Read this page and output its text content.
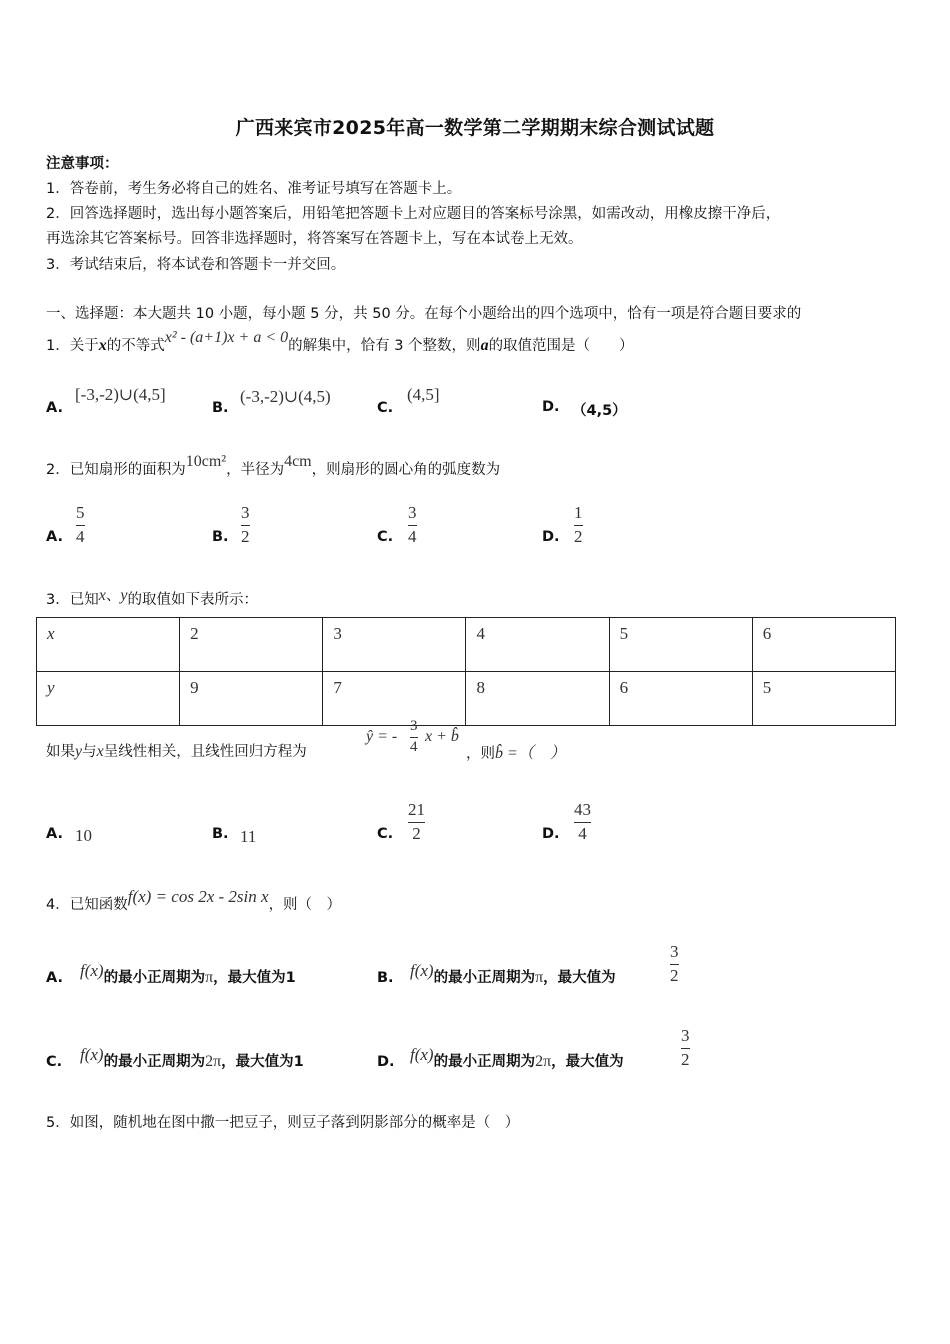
广西来宾市2025年高一数学第二学期期末综合测试试题
注意事项：
1．答卷前，考生务必将自己的姓名、准考证号填写在答题卡上。
2．回答选择题时，选出每小题答案后，用铅笔把答题卡上对应题目的答案标号涂黑，如需改动，用橡皮擦干净后，
再选涂其它答案标号。回答非选择题时，将答案写在答题卡上，写在本试卷上无效。
3．考试结束后，将本试卷和答题卡一并交回。
一、选择题：本大题共 10 小题，每小题 5 分，共 50 分。在每个小题给出的四个选项中，恰有一项是符合题目要求的
1．关于x的不等式x² - (a+1)x + a < 0的解集中，恰有 3 个整数，则a的取值范围是（　　）
A.
[-3,-2)∪(4,5]
B.
(-3,-2)∪(4,5)
C.
(4,5]
D. （4,5）
2．已知扇形的面积为10cm²，半径为4cm，则扇形的圆心角的弧度数为
A.
5
4	B.
3
2	C.
3
4	D.
1
2
3．已知x、y的取值如下表所示：
x	2	3	4	5	6
y	9	7	8	6	5
如果y与x呈线性相关，且线性回归方程为
ŷ = -
3
4
x + b̂
，则b̂ =（　）
A. 10	B. 11	C.
21
2	D.
43
4
4．已知函数f(x) = cos 2x - 2sin x，则（　）
A. f(x)的最小正周期为π，最大值为1	B. f(x)的最小正周期为π，最大值为
3
2
C. f(x)的最小正周期为2π，最大值为1	D. f(x)的最小正周期为2π，最大值为
3
2
5．如图，随机地在图中撒一把豆子，则豆子落到阴影部分的概率是（　）
